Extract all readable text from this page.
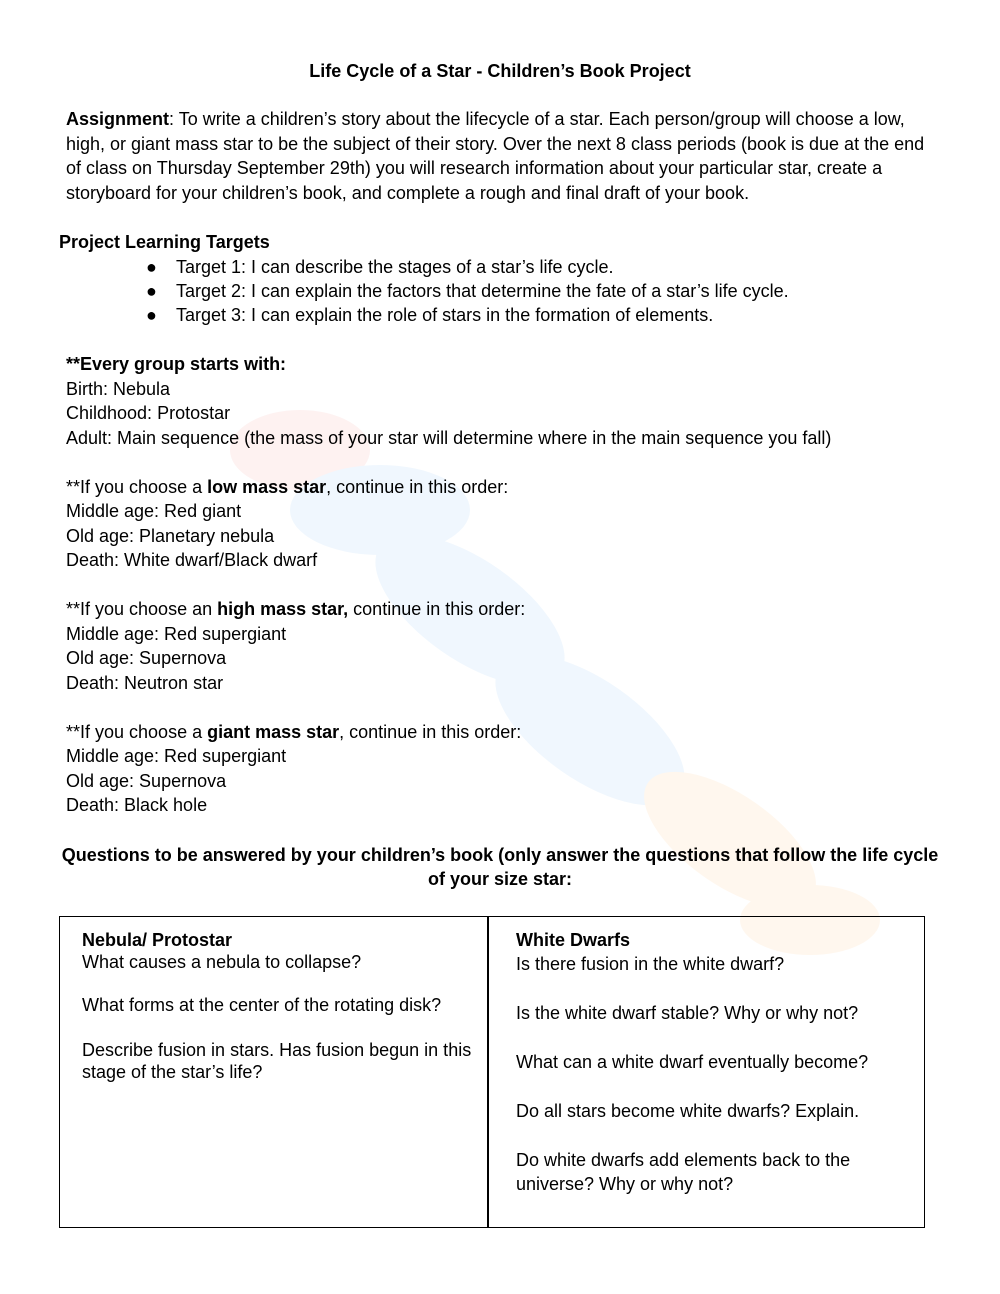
Life Cycle of a Star - Children’s Book Project
Assignment: To write a children’s story about the lifecycle of a star. Each person/group will choose a low, high, or giant mass star to be the subject of their story. Over the next 8 class periods (book is due at the end of class on Thursday September 29th) you will research information about your particular star, create a storyboard for your children’s book, and complete a rough and final draft of your book.
Project Learning Targets
● Target 1: I can describe the stages of a star’s life cycle.
● Target 2: I can explain the factors that determine the fate of a star’s life cycle.
● Target 3: I can explain the role of stars in the formation of elements.
**Every group starts with:
Birth: Nebula
Childhood: Protostar
Adult: Main sequence (the mass of your star will determine where in the main sequence you fall)
**If you choose a low mass star, continue in this order:
Middle age: Red giant
Old age: Planetary nebula
Death: White dwarf/Black dwarf
**If you choose an high mass star, continue in this order:
Middle age: Red supergiant
Old age: Supernova
Death: Neutron star
**If you choose a giant mass star, continue in this order:
Middle age: Red supergiant
Old age: Supernova
Death: Black hole
Questions to be answered by your children’s book (only answer the questions that follow the life cycle
of your size star:
Nebula/ Protostar
What causes a nebula to collapse?
What forms at the center of the rotating disk?
Describe fusion in stars. Has fusion begun in this
stage of the star’s life?
White Dwarfs
Is there fusion in the white dwarf?
Is the white dwarf stable? Why or why not?
What can a white dwarf eventually become?
Do all stars become white dwarfs? Explain.
Do white dwarfs add elements back to the
universe? Why or why not?
